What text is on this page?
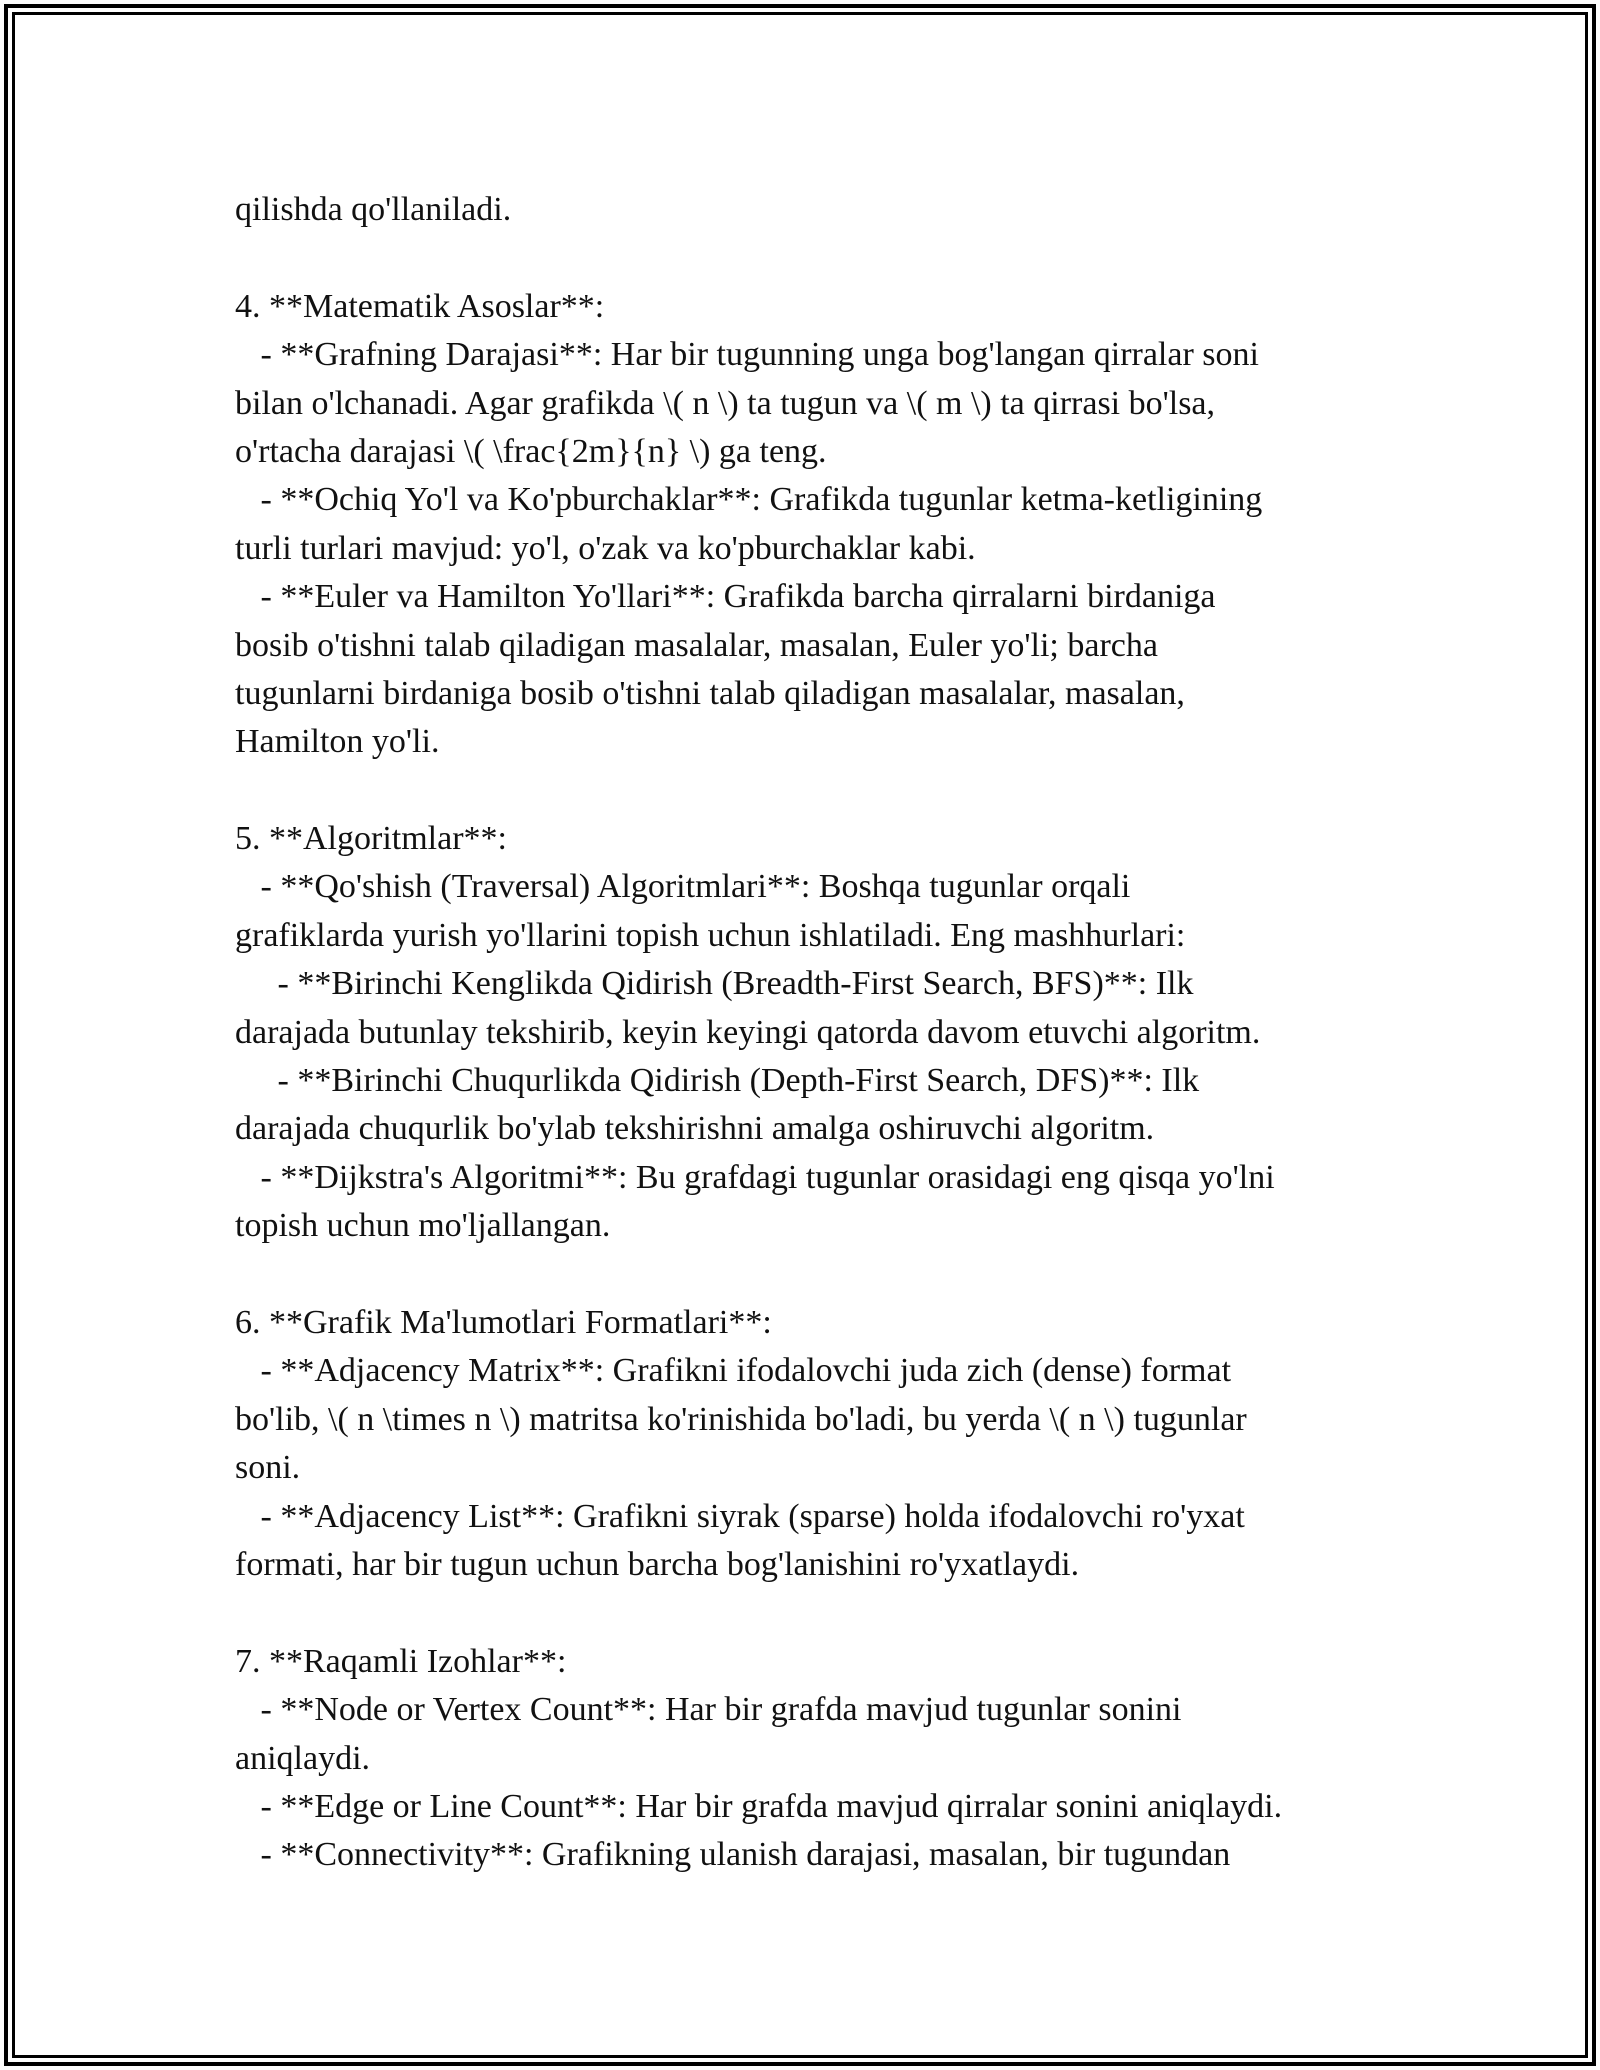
qilishda qo'llaniladi.
4. **Matematik Asoslar**:
- **Grafning Darajasi**: Har bir tugunning unga bog'langan qirralar soni
bilan o'lchanadi. Agar grafikda \( n \) ta tugun va \( m \) ta qirrasi bo'lsa,
o'rtacha darajasi \( \frac{2m}{n} \) ga teng.
- **Ochiq Yo'l va Ko'pburchaklar**: Grafikda tugunlar ketma-ketligining
turli turlari mavjud: yo'l, o'zak va ko'pburchaklar kabi.
- **Euler va Hamilton Yo'llari**: Grafikda barcha qirralarni birdaniga
bosib o'tishni talab qiladigan masalalar, masalan, Euler yo'li; barcha
tugunlarni birdaniga bosib o'tishni talab qiladigan masalalar, masalan,
Hamilton yo'li.
5. **Algoritmlar**:
- **Qo'shish (Traversal) Algoritmlari**: Boshqa tugunlar orqali
grafiklarda yurish yo'llarini topish uchun ishlatiladi. Eng mashhurlari:
- **Birinchi Kenglikda Qidirish (Breadth-First Search, BFS)**: Ilk
darajada butunlay tekshirib, keyin keyingi qatorda davom etuvchi algoritm.
- **Birinchi Chuqurlikda Qidirish (Depth-First Search, DFS)**: Ilk
darajada chuqurlik bo'ylab tekshirishni amalga oshiruvchi algoritm.
- **Dijkstra's Algoritmi**: Bu grafdagi tugunlar orasidagi eng qisqa yo'lni
topish uchun mo'ljallangan.
6. **Grafik Ma'lumotlari Formatlari**:
- **Adjacency Matrix**: Grafikni ifodalovchi juda zich (dense) format
bo'lib, \( n \times n \) matritsa ko'rinishida bo'ladi, bu yerda \( n \) tugunlar
soni.
- **Adjacency List**: Grafikni siyrak (sparse) holda ifodalovchi ro'yxat
formati, har bir tugun uchun barcha bog'lanishini ro'yxatlaydi.
7. **Raqamli Izohlar**:
- **Node or Vertex Count**: Har bir grafda mavjud tugunlar sonini
aniqlaydi.
- **Edge or Line Count**: Har bir grafda mavjud qirralar sonini aniqlaydi.
- **Connectivity**: Grafikning ulanish darajasi, masalan, bir tugundan
